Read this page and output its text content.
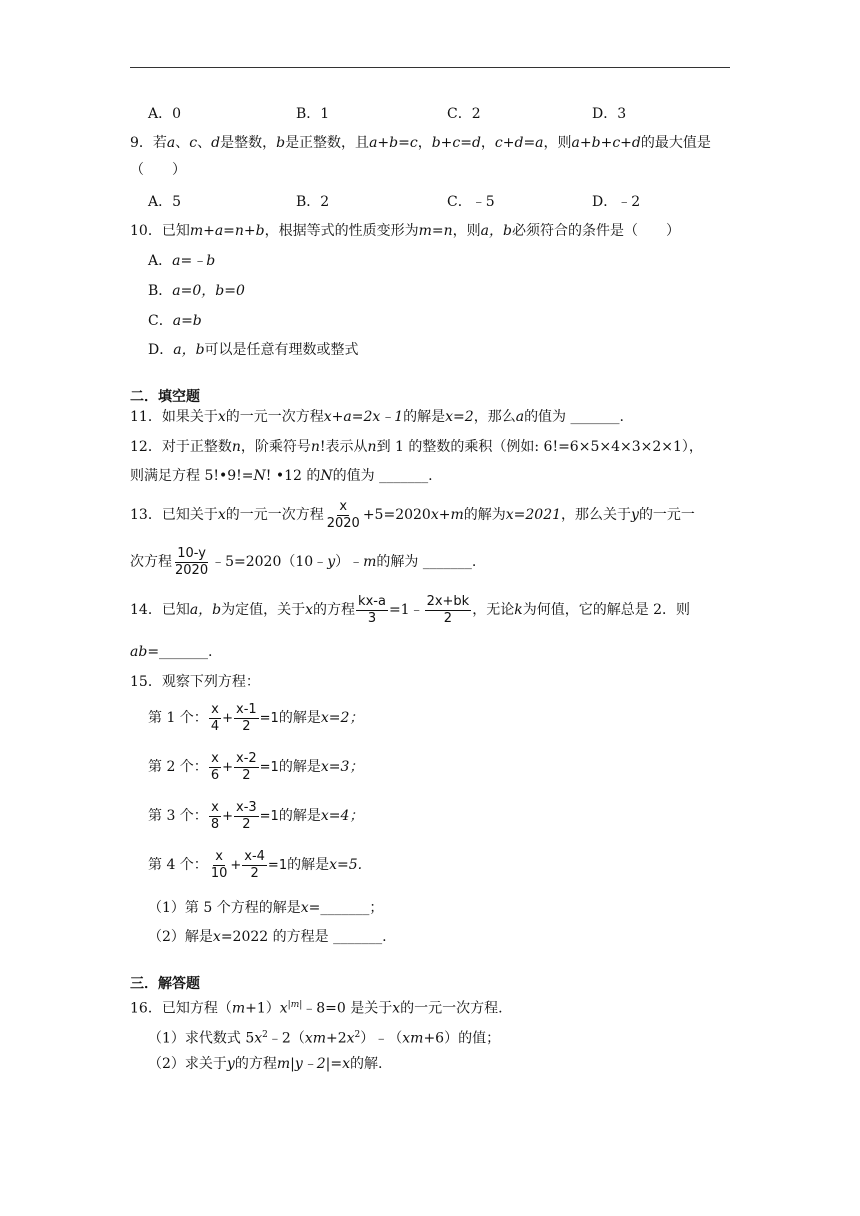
A．0	B．1	C．2	D．3
9．若a、c、d是整数，b是正整数，且a+b=c，b+c=d，c+d=a，则a+b+c+d的最大值是
（　　）
A．5	B．2	C．﹣5	D．﹣2
10．已知m+a=n+b，根据等式的性质变形为m=n，则a，b必须符合的条件是（　　）
A．a=﹣b
B．a=0，b=0
C．a=b
D．a，b可以是任意有理数或整式
二．填空题
11．如果关于x的一元一次方程x+a=2x﹣1的解是x=2，那么a的值为 _______.
12．对于正整数n，阶乘符号n!表示从n到 1 的整数的乘积（例如: 6!=6×5×4×3×2×1），
则满足方程 5!•9!=N! •12 的N的值为 _______.
13．已知关于x的一元一次方程 $\frac{x}{2020} +5=2020x+m$的解为x=2021，那么关于y的一元一
次方程 $\frac{10-y}{2020}$ ﹣5=2020（10﹣y）﹣m的解为 _______.
14．已知a，b为定值，关于x的方程 $\frac{kx-a}{3}$ =1﹣ $\frac{2x+bk}{2}$ ，无论k为何值，它的解总是 2．则
ab=_______.
15．观察下列方程：
第 1 个： $\frac{x}{4} + \frac{x-1}{2} =1$的解是x=2；
第 2 个： $\frac{x}{6} + \frac{x-2}{2} =1$的解是x=3；
第 3 个： $\frac{x}{8} + \frac{x-3}{2} =1$的解是x=4；
第 4 个： $\frac{x}{10} + \frac{x-4}{2} =1$的解是x=5.
（1）第 5 个方程的解是x=_______；
（2）解是x=2022 的方程是 _______.
三．解答题
16．已知方程$(m+1)x^{|m|}﹣8=0$ 是关于x的一元一次方程.
（1）求代数式 $5x^2﹣2(xm+2x^2)﹣(xm+6)$的值；
（2）求关于y的方程m|y﹣2|=x的解.
